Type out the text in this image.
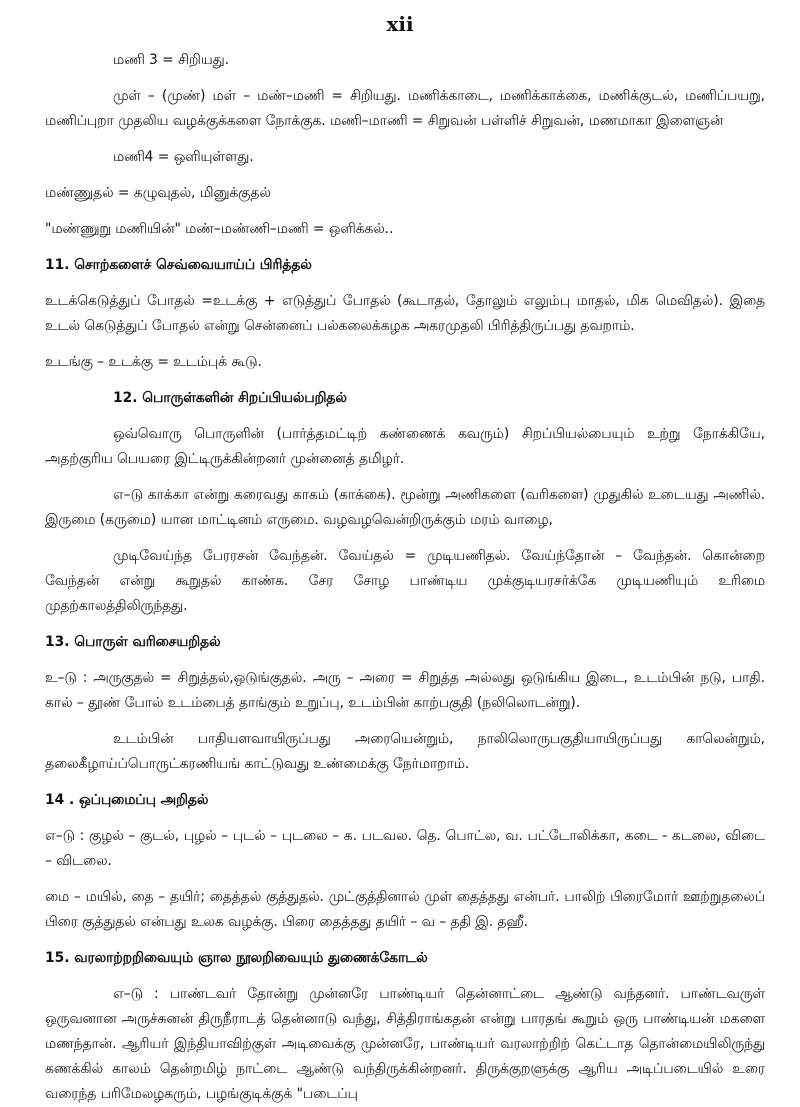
xii

மணி 3 = சிறியது.

முள் – (முண்) மள் – மண்–மணி = சிறியது. மணிக்காடை, மணிக்காக்கை, மணிக்குடல், மணிப்பயறு, மணிப்புறா முதலிய வழக்குக்களை நோக்குக. மணி–மாணி = சிறுவன் பள்ளிச் சிறுவன், மணமாகா இளைஞன்

மணி4 = ஒளியுள்ளது.

மண்ணுதல் = கழுவுதல், மினுக்குதல்

"மண்ணுறு மணியின்" மண்–மண்ணி–மணி = ஒளிக்கல்..

11. சொற்களைச் செவ்வையாய்ப் பிரித்தல்

உடக்கெடுத்துப் போதல் =உடக்கு + எடுத்துப் போதல் (கூடாதல், தோலும் எலும்பு மாதல், மிக மெவிதல்). இதை உடல் கெடுத்துப் போதல் என்று சென்னைப் பல்கலைக்கழக அகரமுதலி பிரித்திருப்பது தவறாம்.

உடங்கு – உடக்கு = உடம்புக் கூடு.

12. பொருள்களின் சிறப்பியல்பறிதல்

ஒவ்வொரு பொருளின் (பார்த்தமட்டிற் கண்ணைக் கவரும்) சிறப்பியல்பையும் உற்று நோக்கியே, அதற்குரிய பெயரை இட்டிருக்கின்றனர் முன்னைத் தமிழர்.

எ–டு காக்கா என்று கரைவது காகம் (காக்கை). மூன்று அணிகளை (வரிகளை) முதுகில் உடையது அணில். இருமை (கருமை) யான மாட்டினம் எருமை. வழவழவென்றிருக்கும் மரம் வாழை,

முடிவேய்ந்த பேரரசன் வேந்தன். வேய்தல் = முடியணிதல். வேய்ந்தோன் – வேந்தன். கொன்றை வேந்தன் என்று கூறுதல் காண்க. சேர சோழ பாண்டிய முக்குடியரசர்க்கே முடியணியும் உரிமை முதற்காலத்திலிருந்தது.

13. பொருள் வரிசையறிதல்

உ–டு : அருகுதல் = சிறுத்தல்,ஒடுங்குதல். அரு – அரை = சிறுத்த அல்லது ஒடுங்கிய இடை, உடம்பின் நடு, பாதி. கால் – தூண் போல் உடம்பைத் தாங்கும் உறுப்பு, உடம்பின் காற்பகுதி (நலிலொடன்று).

உடம்பின் பாதியளவாயிருப்பது அரையென்றும், நாலிலொருபகுதியாயிருப்பது காலென்றும், தலைகீழாய்ப்பொருட்கரணியங் காட்டுவது உண்மைக்கு நேர்மாறாம்.

14 . ஒப்புமைப்பு அறிதல்

எ–டு : குழல் – குடல், புழல் – புடல் – புடலை – க. படவல. தெ. பொட்ல, வ. பட்டோலிக்கா, கடை - கடலை, விடை – விடலை.

மை – மயில், தை – தயிர்; தைத்தல் குத்துதல். முட்குத்தினால் முள் தைத்தது என்பர். பாலிற் பிரைமோர் ஊற்றுதலைப் பிரை குத்துதல் என்பது உலக வழக்கு. பிரை தைத்தது தயிர் – வ – ததி இ. தஹீ.

15. வரலாற்றறிவையும் ஞால நூலறிவையும் துணைக்கோடல்

எ–டு : பாண்டவர் தோன்று முன்னரே பாண்டியர் தென்னாட்டை ஆண்டு வந்தனர். பாண்டவருள் ஒருவனான அருச்சுனன் திருநீராடத் தென்னாடு வந்து, சித்திராங்கதன் என்று பாரதங் கூறும் ஒரு பாண்டியன் மகளை மணந்தான். ஆரியர் இந்தியாவிற்குள் அடிவைக்கு முன்னரே, பாண்டியர் வரலாற்றிற் கெட்டாத தொன்மையிலிருந்து கணக்கில் காலம் தென்றமிழ் நாட்டை ஆண்டு வந்திருக்கின்றனர். திருக்குறளுக்கு ஆரிய அடிப்படையில் உரை வரைந்த பரிமேலழகரும், பழங்குடிக்குக் "படைப்பு
